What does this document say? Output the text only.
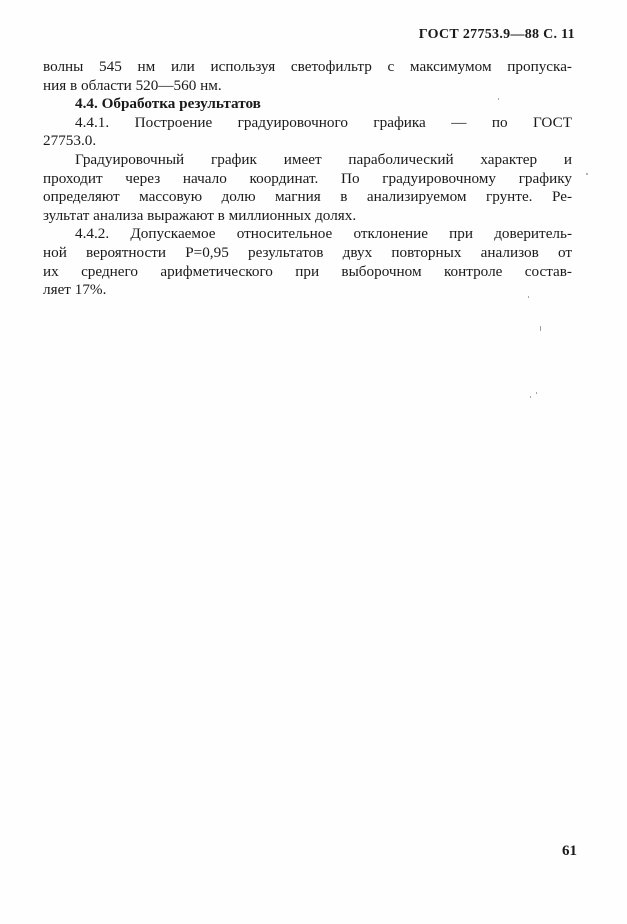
ГОСТ 27753.9—88 С. 11
волны 545 нм или используя светофильтр с максимумом пропуска-
ния в области 520—560 нм.
4.4. Обработка результатов
4.4.1. Построение градуировочного графика — по ГОСТ
27753.0.
Градуировочный график имеет параболический характер и
проходит через начало координат. По градуировочному графику
определяют массовую долю магния в анализируемом грунте. Ре-
зультат анализа выражают в миллионных долях.
4.4.2. Допускаемое относительное отклонение при доверитель-
ной вероятности Р=0,95 результатов двух повторных анализов от
их среднего арифметического при выборочном контроле состав-
ляет 17%.
61
